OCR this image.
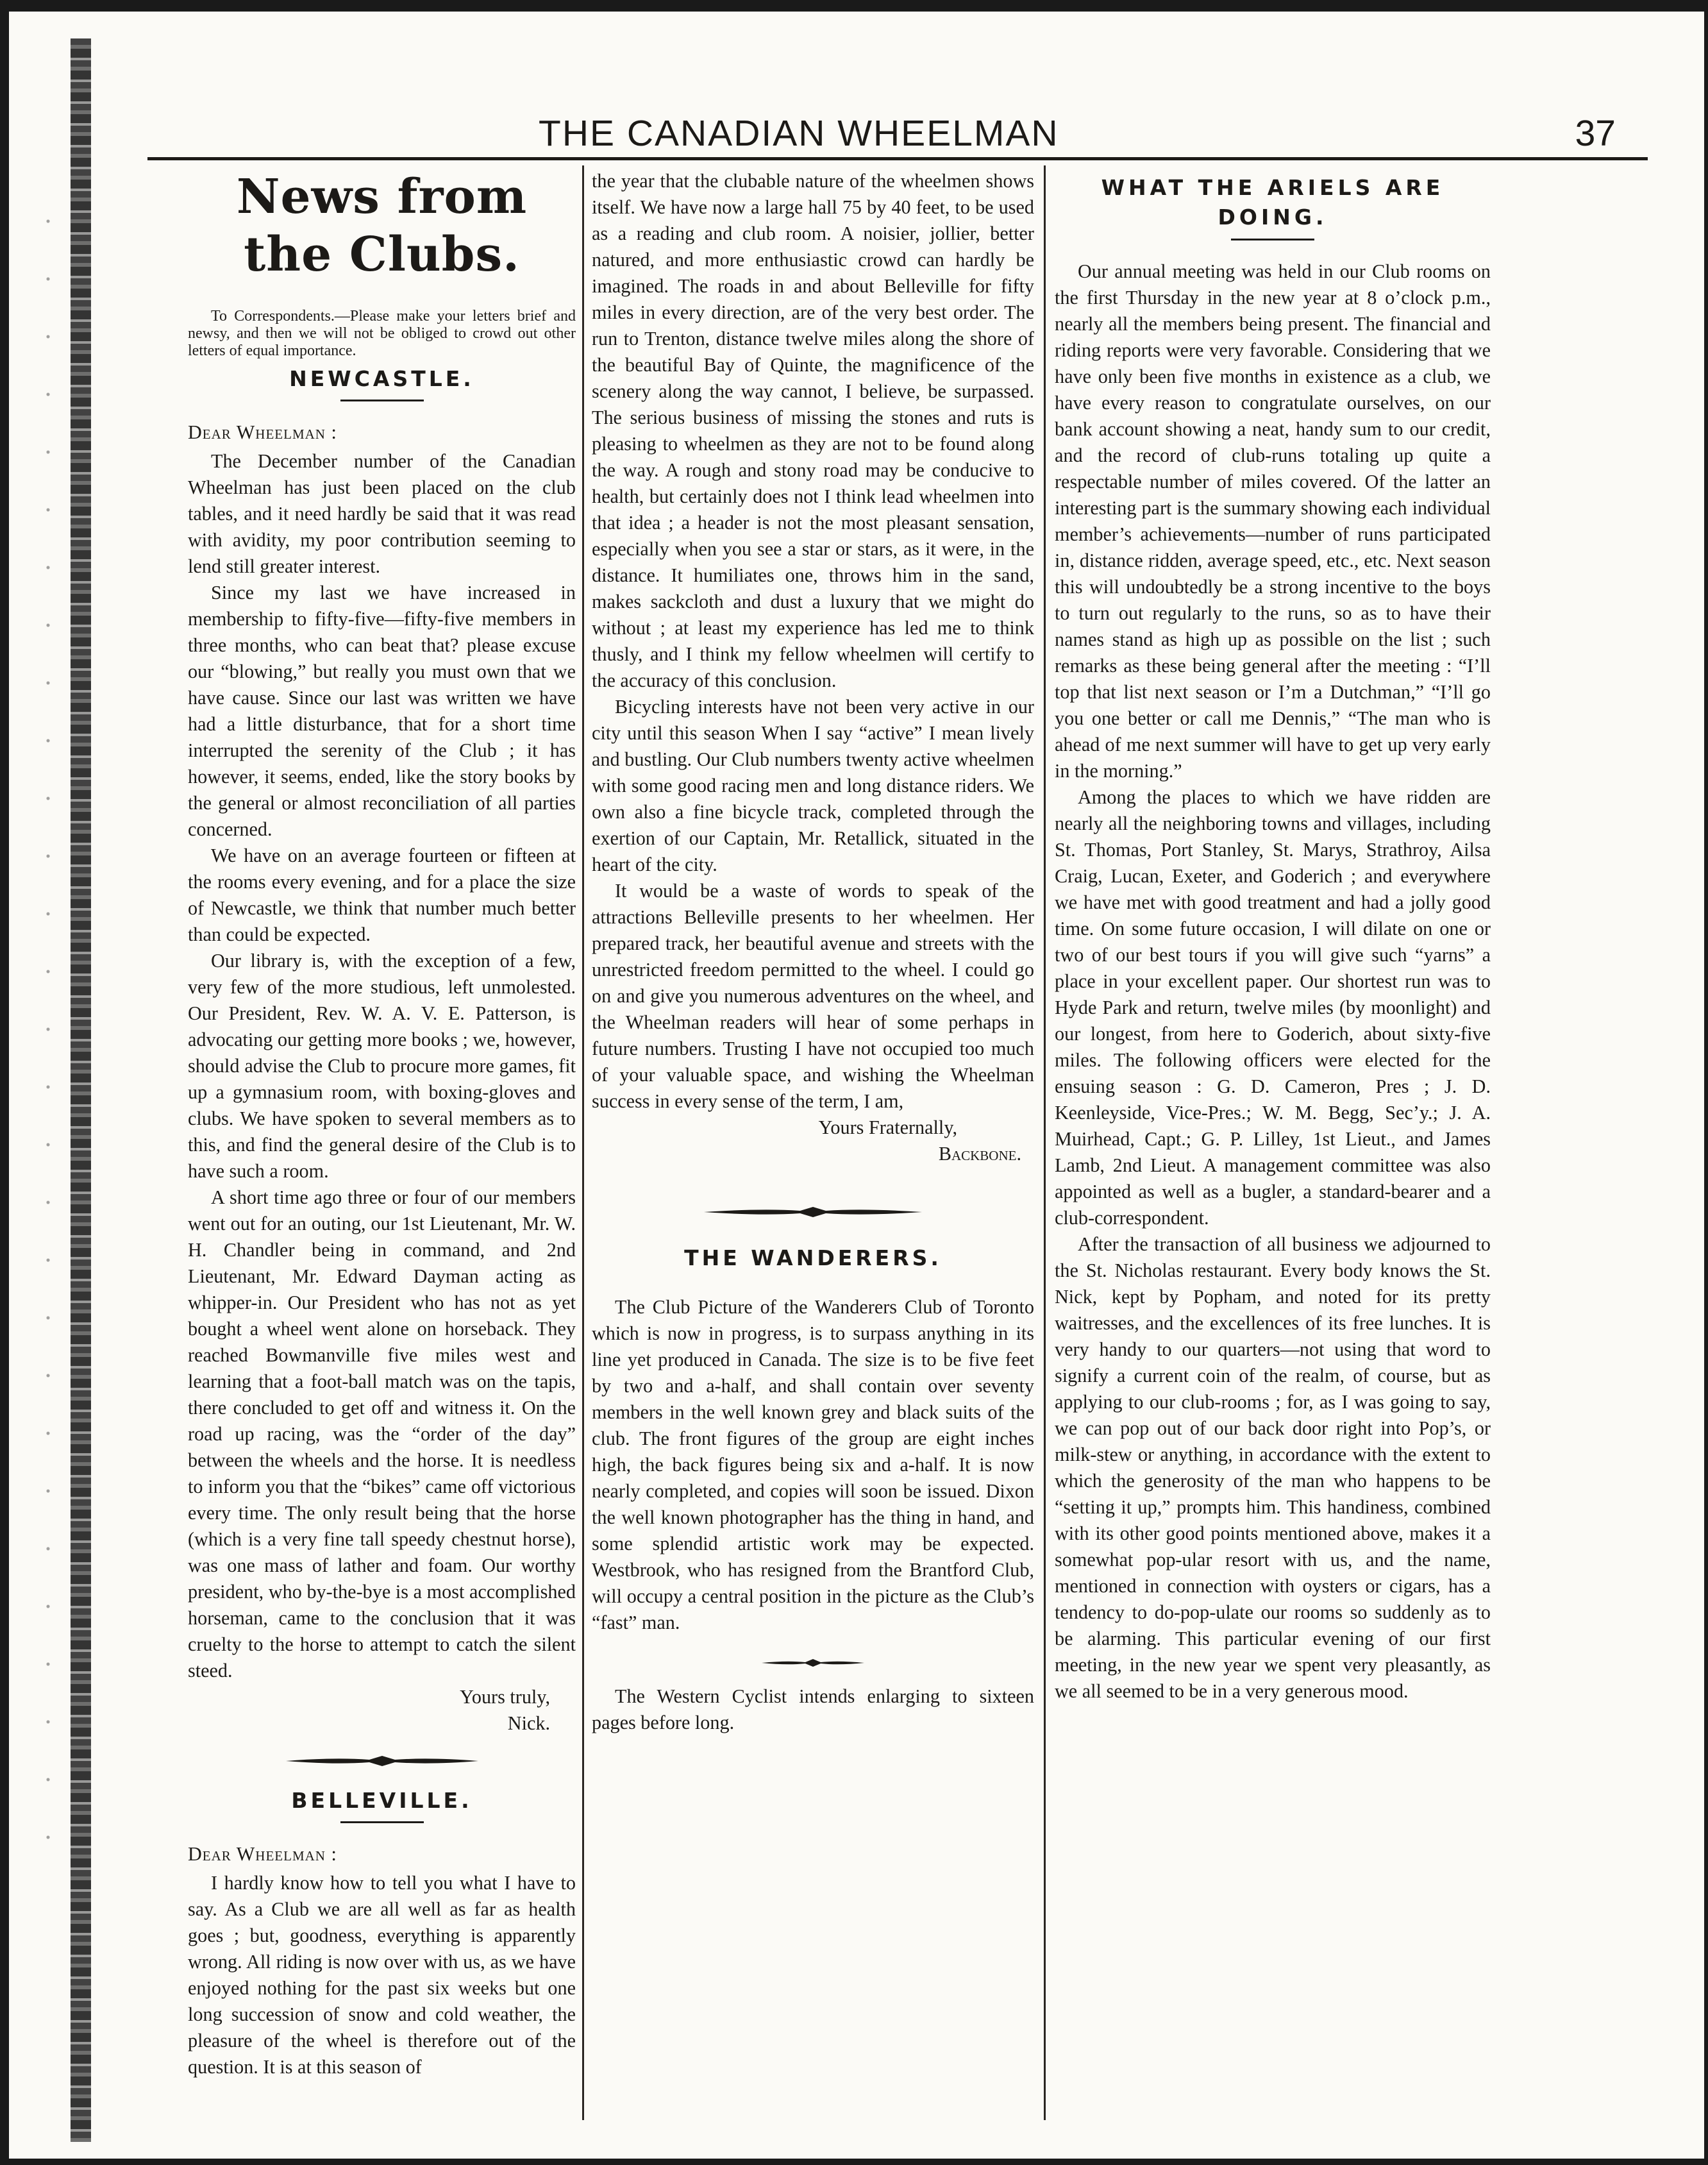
THE CANADIAN WHEELMAN	37
News from the Clubs.

To Correspondents.—Please make your letters brief and newsy, and then we will not be obliged to crowd out other letters of equal importance.

NEWCASTLE.

Dear Wheelman :

The December number of the Canadian Wheelman has just been placed on the club tables, and it need hardly be said that it was read with avidity, my poor contribution seeming to lend still greater interest.

Since my last we have increased in membership to fifty-five—fifty-five members in three months, who can beat that? please excuse our “blowing,” but really you must own that we have cause. Since our last was written we have had a little disturbance, that for a short time interrupted the serenity of the Club ; it has however, it seems, ended, like the story books by the general or almost reconciliation of all parties concerned.

We have on an average fourteen or fifteen at the rooms every evening, and for a place the size of Newcastle, we think that number much better than could be expected.

Our library is, with the exception of a few, very few of the more studious, left unmolested. Our President, Rev. W. A. V. E. Patterson, is advocating our getting more books ; we, however, should advise the Club to procure more games, fit up a gymnasium room, with boxing-gloves and clubs. We have spoken to several members as to this, and find the general desire of the Club is to have such a room.

A short time ago three or four of our members went out for an outing, our 1st Lieutenant, Mr. W. H. Chandler being in command, and 2nd Lieutenant, Mr. Edward Dayman acting as whipper-in. Our President who has not as yet bought a wheel went alone on horseback. They reached Bowmanville five miles west and learning that a foot-ball match was on the tapis, there concluded to get off and witness it. On the road up racing, was the “order of the day” between the wheels and the horse. It is needless to inform you that the “bikes” came off victorious every time. The only result being that the horse (which is a very fine tall speedy chestnut horse), was one mass of lather and foam. Our worthy president, who by-the-bye is a most accomplished horseman, came to the conclusion that it was cruelty to the horse to attempt to catch the silent steed.

Yours truly,

Nick.

BELLEVILLE.

Dear Wheelman :

I hardly know how to tell you what I have to say. As a Club we are all well as far as health goes ; but, goodness, everything is apparently wrong. All riding is now over with us, as we have enjoyed nothing for the past six weeks but one long succession of snow and cold weather, the pleasure of the wheel is therefore out of the question. It is at this season of

the year that the clubable nature of the wheelmen shows itself. We have now a large hall 75 by 40 feet, to be used as a reading and club room. A noisier, jollier, better natured, and more enthusiastic crowd can hardly be imagined. The roads in and about Belleville for fifty miles in every direction, are of the very best order. The run to Trenton, distance twelve miles along the shore of the beautiful Bay of Quinte, the magnificence of the scenery along the way cannot, I believe, be surpassed. The serious business of missing the stones and ruts is pleasing to wheelmen as they are not to be found along the way. A rough and stony road may be conducive to health, but certainly does not I think lead wheelmen into that idea ; a header is not the most pleasant sensation, especially when you see a star or stars, as it were, in the distance. It humiliates one, throws him in the sand, makes sackcloth and dust a luxury that we might do without ; at least my experience has led me to think thusly, and I think my fellow wheelmen will certify to the accuracy of this conclusion.

Bicycling interests have not been very active in our city until this season When I say “active” I mean lively and bustling. Our Club numbers twenty active wheelmen with some good racing men and long distance riders. We own also a fine bicycle track, completed through the exertion of our Captain, Mr. Retallick, situated in the heart of the city.

It would be a waste of words to speak of the attractions Belleville presents to her wheelmen. Her prepared track, her beautiful avenue and streets with the unrestricted freedom permitted to the wheel. I could go on and give you numerous adventures on the wheel, and the Wheelman readers will hear of some perhaps in future numbers. Trusting I have not occupied too much of your valuable space, and wishing the Wheelman success in every sense of the term, I am,

Yours Fraternally,

Backbone.

THE WANDERERS.

The Club Picture of the Wanderers Club of Toronto which is now in progress, is to surpass anything in its line yet produced in Canada. The size is to be five feet by two and a-half, and shall contain over seventy members in the well known grey and black suits of the club. The front figures of the group are eight inches high, the back figures being six and a-half. It is now nearly completed, and copies will soon be issued. Dixon the well known photographer has the thing in hand, and some splendid artistic work may be expected. Westbrook, who has resigned from the Brantford Club, will occupy a central position in the picture as the Club’s “fast” man.

The Western Cyclist intends enlarging to sixteen pages before long.

WHAT THE ARIELS ARE DOING.

Our annual meeting was held in our Club rooms on the first Thursday in the new year at 8 o’clock p.m., nearly all the members being present. The financial and riding reports were very favorable. Considering that we have only been five months in existence as a club, we have every reason to congratulate ourselves, on our bank account showing a neat, handy sum to our credit, and the record of club-runs totaling up quite a respectable number of miles covered. Of the latter an interesting part is the summary showing each individual member’s achievements—number of runs participated in, distance ridden, average speed, etc., etc. Next season this will undoubtedly be a strong incentive to the boys to turn out regularly to the runs, so as to have their names stand as high up as possible on the list ; such remarks as these being general after the meeting : “I’ll top that list next season or I’m a Dutchman,” “I’ll go you one better or call me Dennis,” “The man who is ahead of me next summer will have to get up very early in the morning.”

Among the places to which we have ridden are nearly all the neighboring towns and villages, including St. Thomas, Port Stanley, St. Marys, Strathroy, Ailsa Craig, Lucan, Exeter, and Goderich ; and everywhere we have met with good treatment and had a jolly good time. On some future occasion, I will dilate on one or two of our best tours if you will give such “yarns” a place in your excellent paper. Our shortest run was to Hyde Park and return, twelve miles (by moonlight) and our longest, from here to Goderich, about sixty-five miles. The following officers were elected for the ensuing season : G. D. Cameron, Pres ; J. D. Keenleyside, Vice-Pres.; W. M. Begg, Sec’y.; J. A. Muirhead, Capt.; G. P. Lilley, 1st Lieut., and James Lamb, 2nd Lieut. A management committee was also appointed as well as a bugler, a standard-bearer and a club-correspondent.

After the transaction of all business we adjourned to the St. Nicholas restaurant. Every body knows the St. Nick, kept by Popham, and noted for its pretty waitresses, and the excellences of its free lunches. It is very handy to our quarters—not using that word to signify a current coin of the realm, of course, but as applying to our club-rooms ; for, as I was going to say, we can pop out of our back door right into Pop’s, or milk-stew or anything, in accordance with the extent to which the generosity of the man who happens to be “setting it up,” prompts him. This handiness, combined with its other good points mentioned above, makes it a somewhat pop-ular resort with us, and the name, mentioned in connection with oysters or cigars, has a tendency to do-pop-ulate our rooms so suddenly as to be alarming. This particular evening of our first meeting, in the new year we spent very pleasantly, as we all seemed to be in a very generous mood.
